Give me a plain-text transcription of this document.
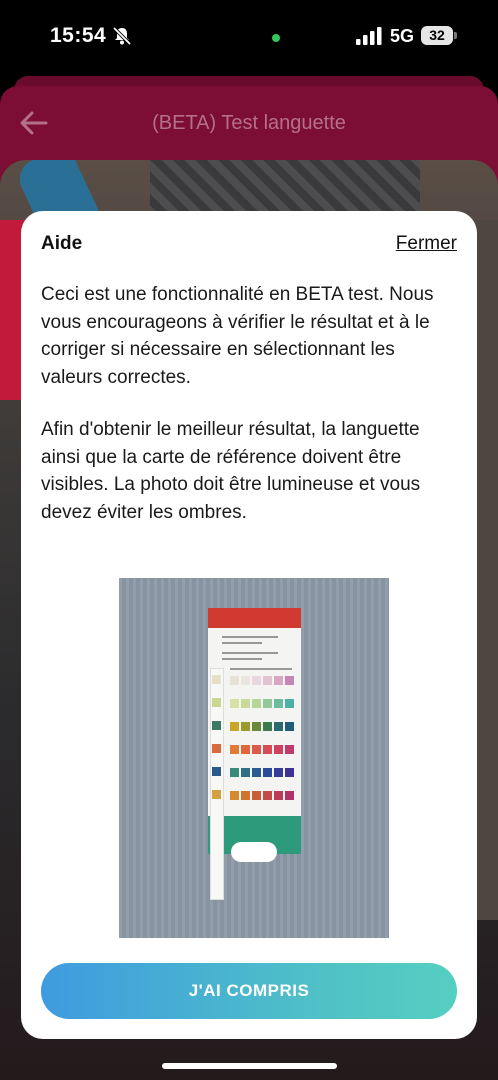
15:54	5G	32
(BETA) Test languette
Aide	Fermer

Ceci est une fonctionnalité en BETA test. Nous vous encourageons à vérifier le résultat et à le corriger si nécessaire en sélectionnant les valeurs correctes.

Afin d'obtenir le meilleur résultat, la languette ainsi que la carte de référence doivent être visibles. La photo doit être lumineuse et vous devez éviter les ombres.

J'AI COMPRIS
